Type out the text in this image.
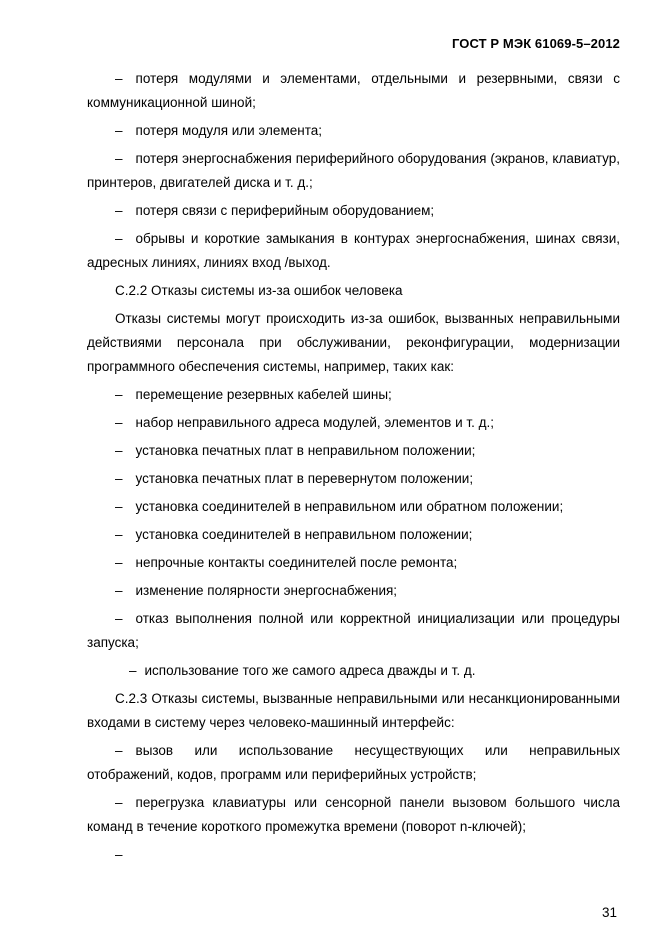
ГОСТ Р МЭК 61069-5–2012

– потеря модулями и элементами, отдельными и резервными, связи с коммуникационной шиной;

– потеря модуля или элемента;

– потеря энергоснабжения периферийного оборудования (экранов, клавиатур, принтеров, двигателей диска и т. д.;

– потеря связи с периферийным оборудованием;

– обрывы и короткие замыкания в контурах энергоснабжения, шинах связи, адресных линиях, линиях вход /выход.

С.2.2 Отказы системы из-за ошибок человека

Отказы системы могут происходить из-за ошибок, вызванных неправильными действиями персонала при обслуживании, реконфигурации, модернизации программного обеспечения системы, например, таких как:

– перемещение резервных кабелей шины;

– набор неправильного адреса модулей, элементов и т. д.;

– установка печатных плат в неправильном положении;

– установка печатных плат в перевернутом положении;

– установка соединителей в неправильном или обратном положении;

– установка соединителей в неправильном положении;

– непрочные контакты соединителей после ремонта;

– изменение полярности энергоснабжения;

– отказ выполнения полной или корректной инициализации или процедуры запуска;

– использование того же самого адреса дважды и т. д.

С.2.3 Отказы системы, вызванные неправильными или несанкционированными входами в систему через человеко-машинный интерфейс:

– вызов или использование несуществующих или неправильных отображений, кодов, программ или периферийных устройств;

– перегрузка клавиатуры или сенсорной панели вызовом большого числа команд в течение короткого промежутка времени (поворот n-ключей);

–

31
